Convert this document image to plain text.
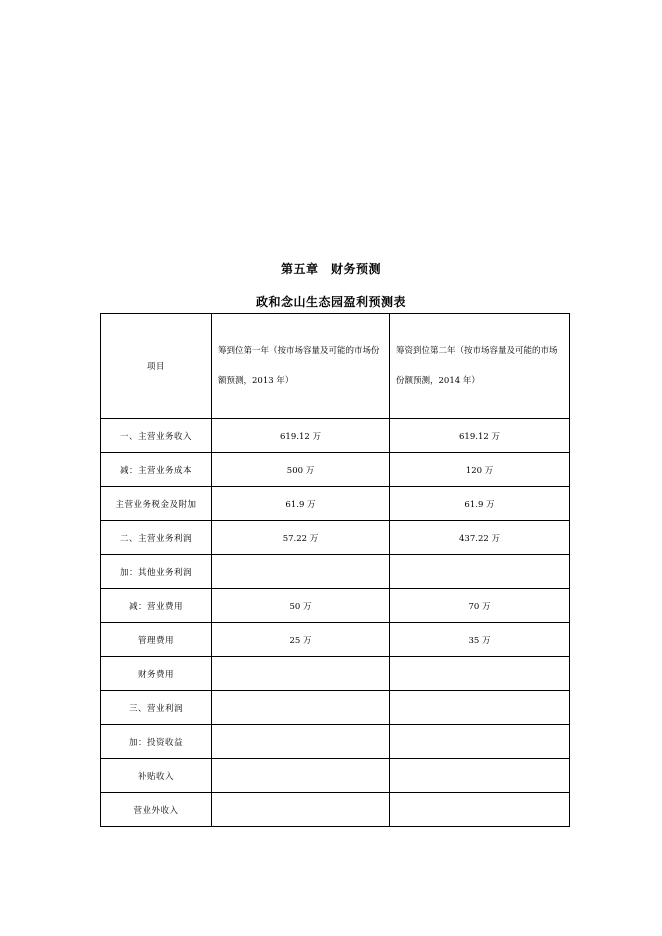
第五章　财务预测
政和念山生态园盈利预测表
项目	筹到位第一年（按市场容量及可能的市场份额预测，2013 年）	筹资到位第二年（按市场容量及可能的市场份额预测，2014 年）

一、主营业务收入	619.12 万	619.12 万
减：主营业务成本	500 万	120 万
主营业务税金及附加	61.9 万	61.9 万
二、主营业务利润	57.22 万	437.22 万
加：其他业务利润		
减：营业费用	50 万	70 万
管理费用	25 万	35 万
财务费用		
三、营业利润		
加：投资收益		
补贴收入		
营业外收入		
